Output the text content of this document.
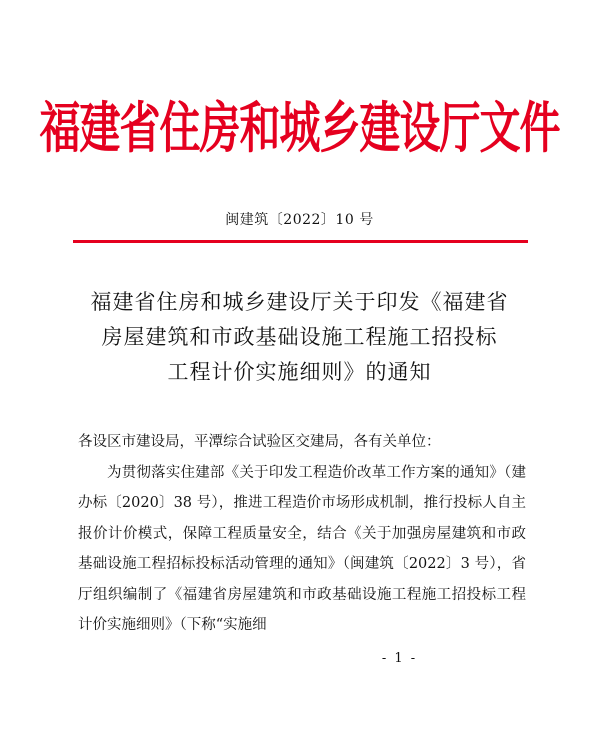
福建省住房和城乡建设厅文件
闽建筑〔2022〕10 号
福建省住房和城乡建设厅关于印发《福建省
房屋建筑和市政基础设施工程施工招投标
工程计价实施细则》的通知
各设区市建设局，平潭综合试验区交建局，各有关单位：
为贯彻落实住建部《关于印发工程造价改革工作方案的通知》（建办标〔2020〕38 号），推进工程造价市场形成机制，推行投标人自主报价计价模式，保障工程质量安全，结合《关于加强房屋建筑和市政基础设施工程招标投标活动管理的通知》（闽建筑〔2022〕3 号），省厅组织编制了《福建省房屋建筑和市政基础设施工程施工招投标工程计价实施细则》（下称“实施细
- 1 -
